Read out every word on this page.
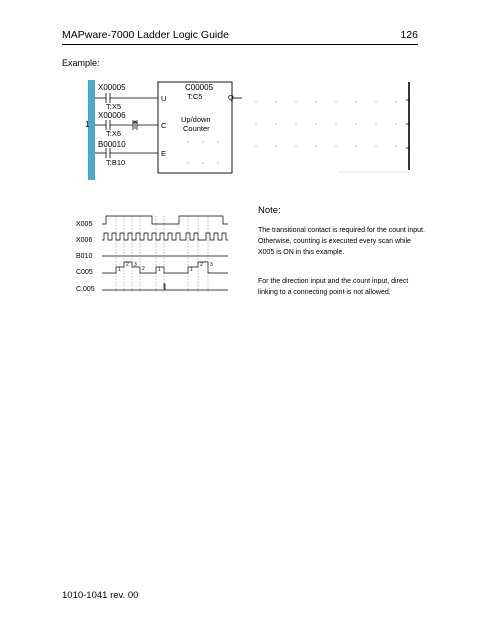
MAPware-7000 Ladder Logic Guide	126
Example:
1
X00005
T:X5
X00006
T:X6
B00010
T:B10
U
C
E
C00005
T:C5
Up/down
Counter
Q
X005
X006
B010
C005
C.005
1
2 3
2	1	1
2 3
Note:

The transitional contact is required for the count input. Otherwise, counting is executed every scan while X005 is ON in this example.

For the direction input and the count input, direct linking to a connecting point is not allowed.

1010-1041 rev. 00
